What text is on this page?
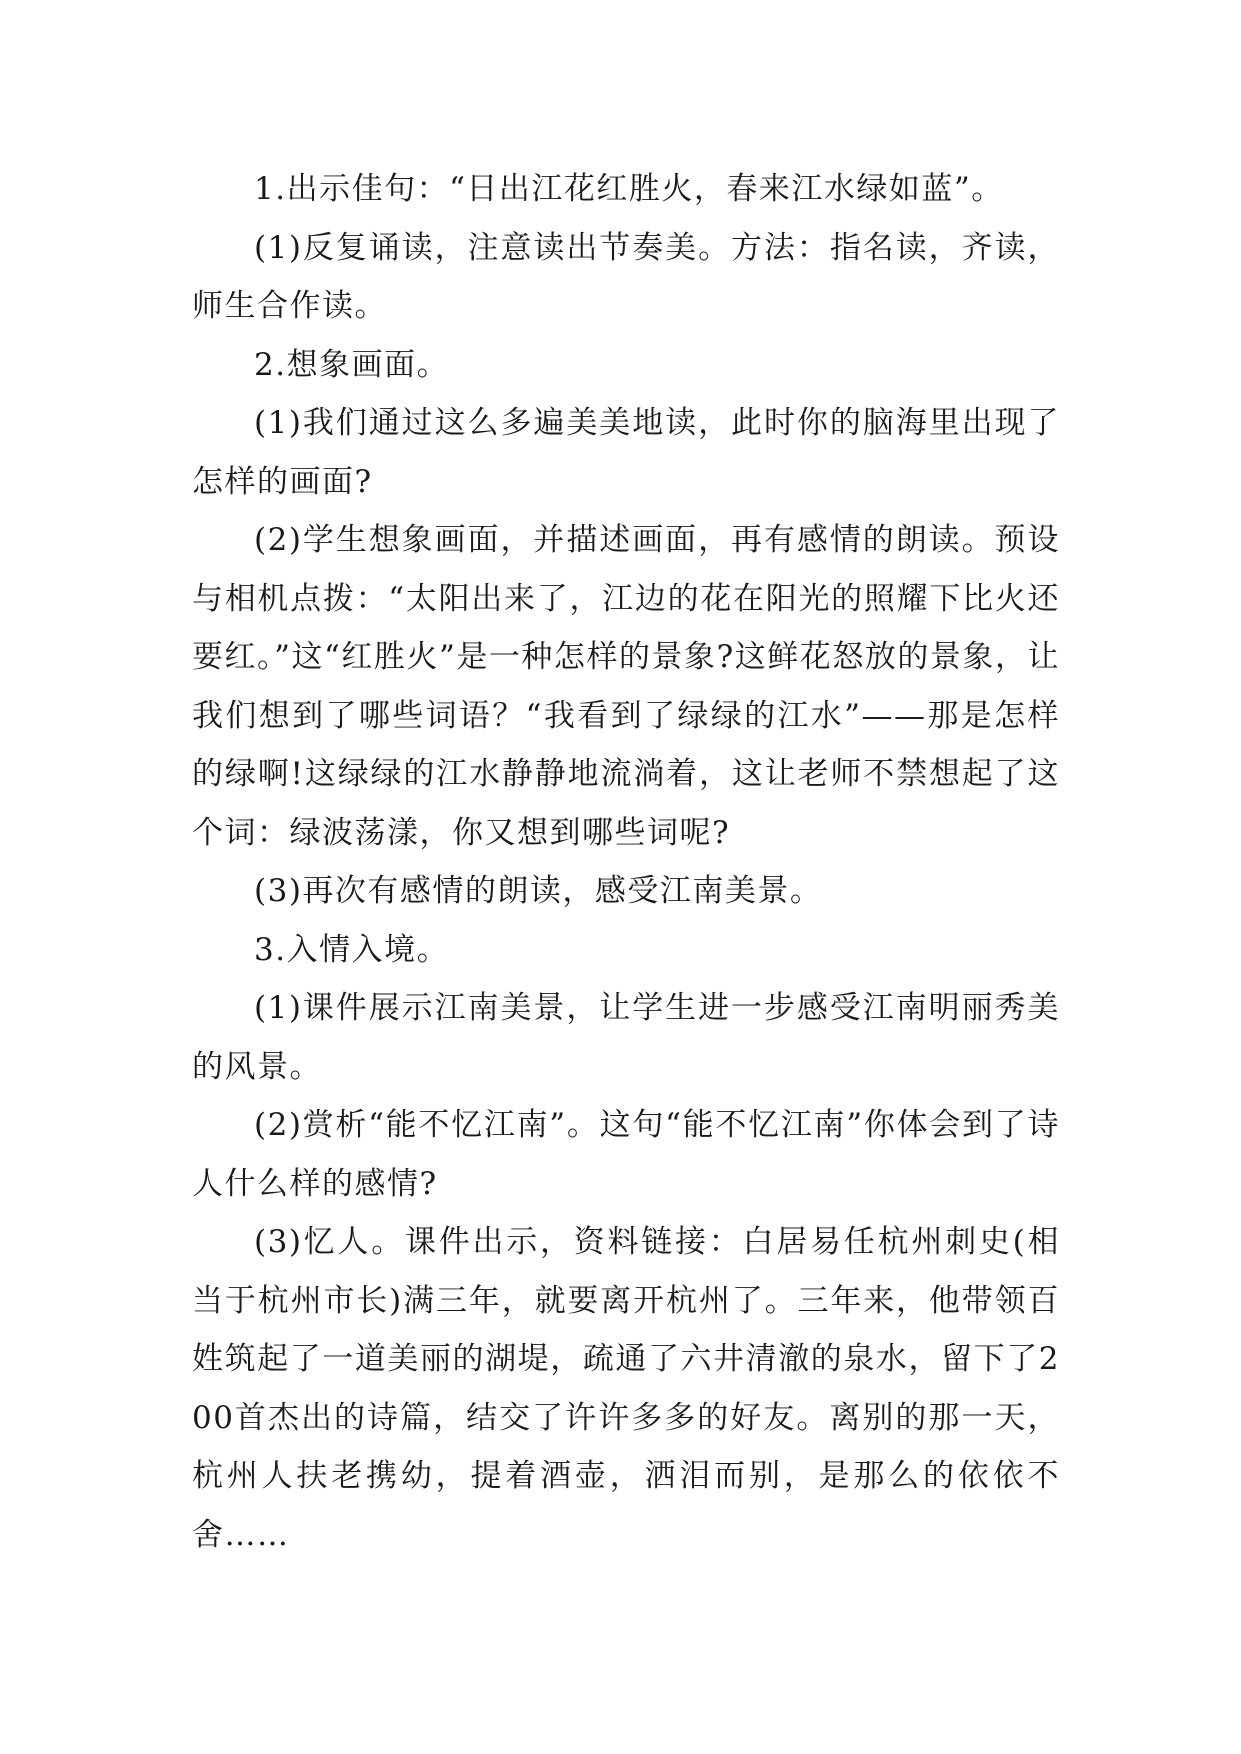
1.出示佳句：“日出江花红胜火，春来江水绿如蓝”。

(1)反复诵读，注意读出节奏美。方法：指名读，齐读，师生合作读。

2.想象画面。

(1)我们通过这么多遍美美地读，此时你的脑海里出现了怎样的画面?

(2)学生想象画面，并描述画面，再有感情的朗读。预设与相机点拨：“太阳出来了，江边的花在阳光的照耀下比火还要红。”这“红胜火”是一种怎样的景象?这鲜花怒放的景象，让我们想到了哪些词语？“我看到了绿绿的江水”——那是怎样的绿啊!这绿绿的江水静静地流淌着，这让老师不禁想起了这个词：绿波荡漾，你又想到哪些词呢?

(3)再次有感情的朗读，感受江南美景。

3.入情入境。

(1)课件展示江南美景，让学生进一步感受江南明丽秀美的风景。

(2)赏析“能不忆江南”。这句“能不忆江南”你体会到了诗人什么样的感情?

(3)忆人。课件出示，资料链接：白居易任杭州刺史(相当于杭州市长)满三年，就要离开杭州了。三年来，他带领百姓筑起了一道美丽的湖堤，疏通了六井清澈的泉水，留下了200首杰出的诗篇，结交了许许多多的好友。离别的那一天，杭州人扶老携幼，提着酒壶，洒泪而别，是那么的依依不舍……
